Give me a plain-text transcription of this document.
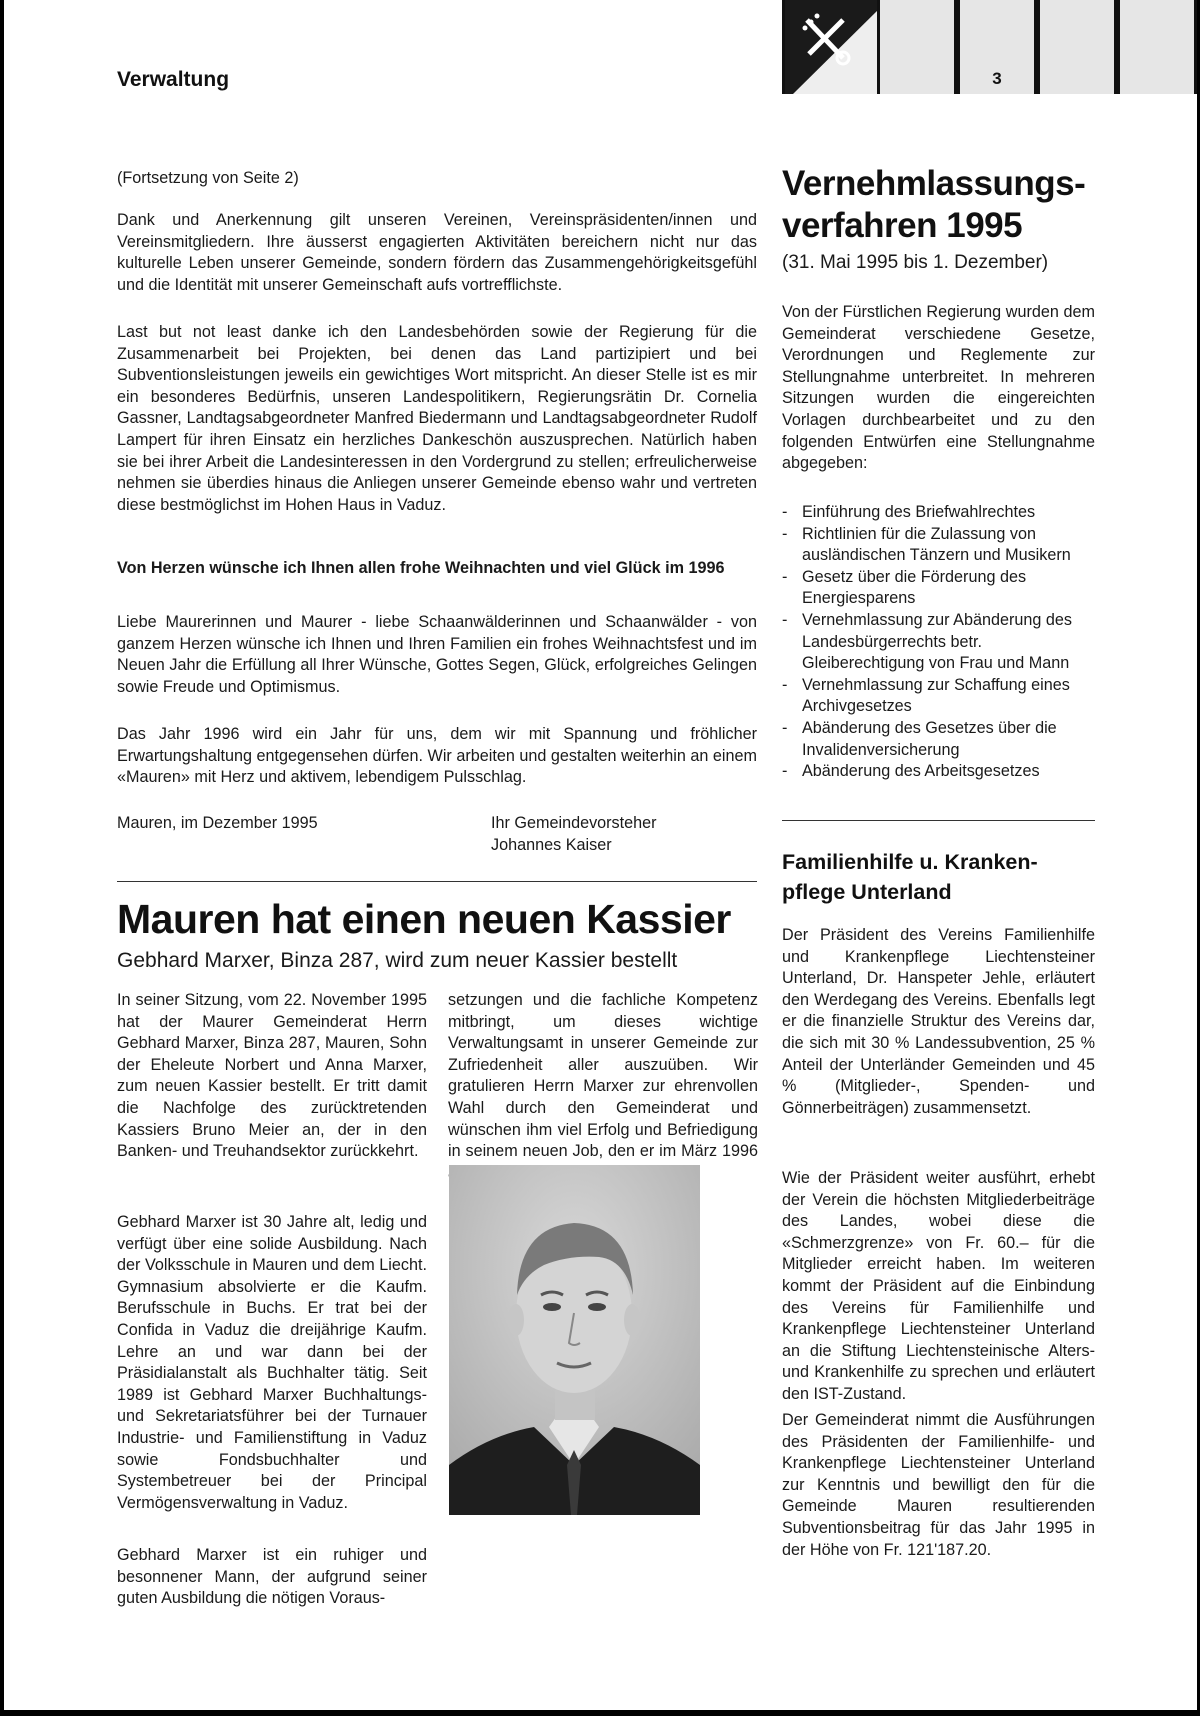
Verwaltung	3

(Fortsetzung von Seite 2)

Dank und Anerkennung gilt unseren Vereinen, Vereinspräsidenten/innen und Vereinsmitgliedern. Ihre äusserst engagierten Aktivitäten bereichern nicht nur das kulturelle Leben unserer Gemeinde, sondern fördern das Zusammengehörigkeitsgefühl und die Identität mit unserer Gemeinschaft aufs vortrefflichste.

Last but not least danke ich den Landesbehörden sowie der Regierung für die Zusammenarbeit bei Projekten, bei denen das Land partizipiert und bei Subventionsleistungen jeweils ein gewichtiges Wort mitspricht. An dieser Stelle ist es mir ein besonderes Bedürfnis, unseren Landespolitikern, Regierungsrätin Dr. Cornelia Gassner, Landtagsabgeordneter Manfred Biedermann und Landtagsabgeordneter Rudolf Lampert für ihren Einsatz ein herzliches Dankeschön auszusprechen. Natürlich haben sie bei ihrer Arbeit die Landesinteressen in den Vordergrund zu stellen; erfreulicherweise nehmen sie überdies hinaus die Anliegen unserer Gemeinde ebenso wahr und vertreten diese bestmöglichst im Hohen Haus in Vaduz.

Von Herzen wünsche ich Ihnen allen frohe Weihnachten und viel Glück im 1996

Liebe Maurerinnen und Maurer - liebe Schaanwälderinnen und Schaanwälder - von ganzem Herzen wünsche ich Ihnen und Ihren Familien ein frohes Weihnachtsfest und im Neuen Jahr die Erfüllung all Ihrer Wünsche, Gottes Segen, Glück, erfolgreiches Gelingen sowie Freude und Optimismus.

Das Jahr 1996 wird ein Jahr für uns, dem wir mit Spannung und fröhlicher Erwartungshaltung entgegensehen dürfen. Wir arbeiten und gestalten weiterhin an einem «Mauren» mit Herz und aktivem, lebendigem Pulsschlag.

Mauren, im Dezember 1995	Ihr Gemeindevorsteher

Johannes Kaiser

Mauren hat einen neuen Kassier
Gebhard Marxer, Binza 287, wird zum neuer Kassier bestellt

In seiner Sitzung, vom 22. November 1995 hat der Maurer Gemeinderat Herrn Gebhard Marxer, Binza 287, Mauren, Sohn der Eheleute Norbert und Anna Marxer, zum neuen Kassier bestellt. Er tritt damit die Nachfolge des zurücktretenden Kassiers Bruno Meier an, der in den Banken- und Treuhandsektor zurückkehrt.

Gebhard Marxer ist 30 Jahre alt, ledig und verfügt über eine solide Ausbildung. Nach der Volksschule in Mauren und dem Liecht. Gymnasium absolvierte er die Kaufm. Berufsschule in Buchs. Er trat bei der Confida in Vaduz die dreijährige Kaufm. Lehre an und war dann bei der Präsidialanstalt als Buchhalter tätig. Seit 1989 ist Gebhard Marxer Buchhaltungs- und Sekretariatsführer bei der Turnauer Industrie- und Familienstiftung in Vaduz sowie Fondsbuchhalter und Systembetreuer bei der Principal Vermögensverwaltung in Vaduz.

Gebhard Marxer ist ein ruhiger und besonnener Mann, der aufgrund seiner guten Ausbildung die nötigen Voraus-

setzungen und die fachliche Kompetenz mitbringt, um dieses wichtige Verwaltungsamt in unserer Gemeinde zur Zufriedenheit aller auszuüben. Wir gratulieren Herrn Marxer zur ehrenvollen Wahl durch den Gemeinderat und wünschen ihm viel Erfolg und Befriedigung in seinem neuen Job, den er im März 1996

Vernehmlassungs-
verfahren 1995
(31. Mai 1995 bis 1. Dezember)

Von der Fürstlichen Regierung wurden dem Gemeinderat verschiedene Gesetze, Verordnungen und Reglemente zur Stellungnahme unterbreitet. In mehreren Sitzungen wurden die eingereichten Vorlagen durchbearbeitet und zu den folgenden Entwürfen eine Stellungnahme abgegeben:

- Einführung des Briefwahlrechtes
- Richtlinien für die Zulassung von ausländischen Tänzern und Musikern
- Gesetz über die Förderung des Energiesparens
- Vernehmlassung zur Abänderung des Landesbürgerrechts betr. Gleiberechtigung von Frau und Mann
- Vernehmlassung zur Schaffung eines Archivgesetzes
- Abänderung des Gesetzes über die Invalidenversicherung
- Abänderung des Arbeitsgesetzes
Familienhilfe u. Kranken-
pflege Unterland

Der Präsident des Vereins Familienhilfe und Krankenpflege Liechtensteiner Unterland, Dr. Hanspeter Jehle, erläutert den Werdegang des Vereins. Ebenfalls legt er die finanzielle Struktur des Vereins dar, die sich mit 30 % Landessubvention, 25 % Anteil der Unterländer Gemeinden und 45 % (Mitglieder-, Spenden- und Gönnerbeiträgen) zusammensetzt.

Wie der Präsident weiter ausführt, erhebt der Verein die höchsten Mitgliederbeiträge des Landes, wobei diese die «Schmerzgrenze» von Fr. 60.– für die Mitglieder erreicht haben. Im weiteren kommt der Präsident auf die Einbindung des Vereins für Familienhilfe und Krankenpflege Liechtensteiner Unterland an die Stiftung Liechtensteinische Alters- und Krankenhilfe zu sprechen und erläutert den IST-Zustand.

Der Gemeinderat nimmt die Ausführungen des Präsidenten der Familienhilfe- und Krankenpflege Liechtensteiner Unterland zur Kenntnis und bewilligt den für die Gemeinde Mauren resultierenden Subventionsbeitrag für das Jahr 1995 in der Höhe von Fr. 121'187.20.
